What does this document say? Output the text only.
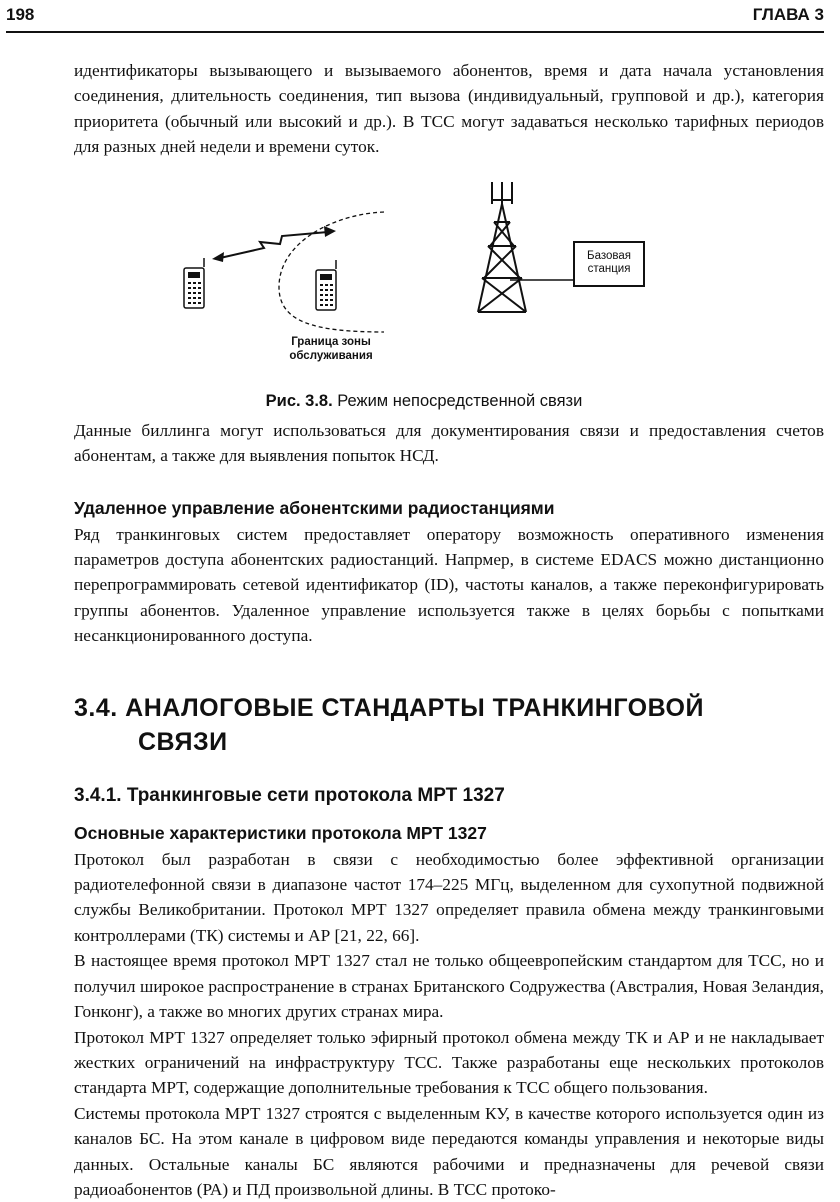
198	ГЛАВА 3

идентификаторы вызывающего и вызываемого абонентов, время и дата начала установления соединения, длительность соединения, тип вызова (индивидуальный, групповой и др.), категория приоритета (обычный или высокий и др.). В ТСС могут задаваться несколько тарифных периодов для разных дней недели и времени суток.

Базовая
станция
Граница зоны
обслуживания
Рис. 3.8. Режим непосредственной связи

Данные биллинга могут использоваться для документирования связи и предоставления счетов абонентам, а также для выявления попыток НСД.

Удаленное управление абонентскими радиостанциями

Ряд транкинговых систем предоставляет оператору возможность оперативного изменения параметров доступа абонентских радиостанций. Напрмер, в системе EDACS можно дистанционно перепрограммировать сетевой идентификатор (ID), частоты каналов, а также переконфигурировать группы абонентов. Удаленное управление используется также в целях борьбы с попытками несанкционированного доступа.

3.4. АНАЛОГОВЫЕ СТАНДАРТЫ ТРАНКИНГОВОЙ
СВЯЗИ
3.4.1. Транкинговые сети протокола МРТ 1327
Основные характеристики протокола МРТ 1327

Протокол был разработан в связи с необходимостью более эффективной организации радиотелефонной связи в диапазоне частот 174–225 МГц, выделенном для сухопутной подвижной службы Великобритании. Протокол МРТ 1327 определяет правила обмена между транкинговыми контроллерами (ТК) системы и АР [21, 22, 66].

В настоящее время протокол МРТ 1327 стал не только общеевропейским стандартом для ТСС, но и получил широкое распространение в странах Британского Содружества (Австралия, Новая Зеландия, Гонконг), а также во многих других странах мира.

Протокол МРТ 1327 определяет только эфирный протокол обмена между ТК и АР и не накладывает жестких ограничений на инфраструктуру ТСС. Также разработаны еще нескольких протоколов стандарта МРТ, содержащие дополнительные требования к ТСС общего пользования.

Системы протокола МРТ 1327 строятся с выделенным КУ, в качестве которого используется один из каналов БС. На этом канале в цифровом виде передаются команды управления и некоторые виды данных. Остальные каналы БС являются рабочими и предназначены для речевой связи радиоабонентов (РА) и ПД произвольной длины. В ТСС протоко-
